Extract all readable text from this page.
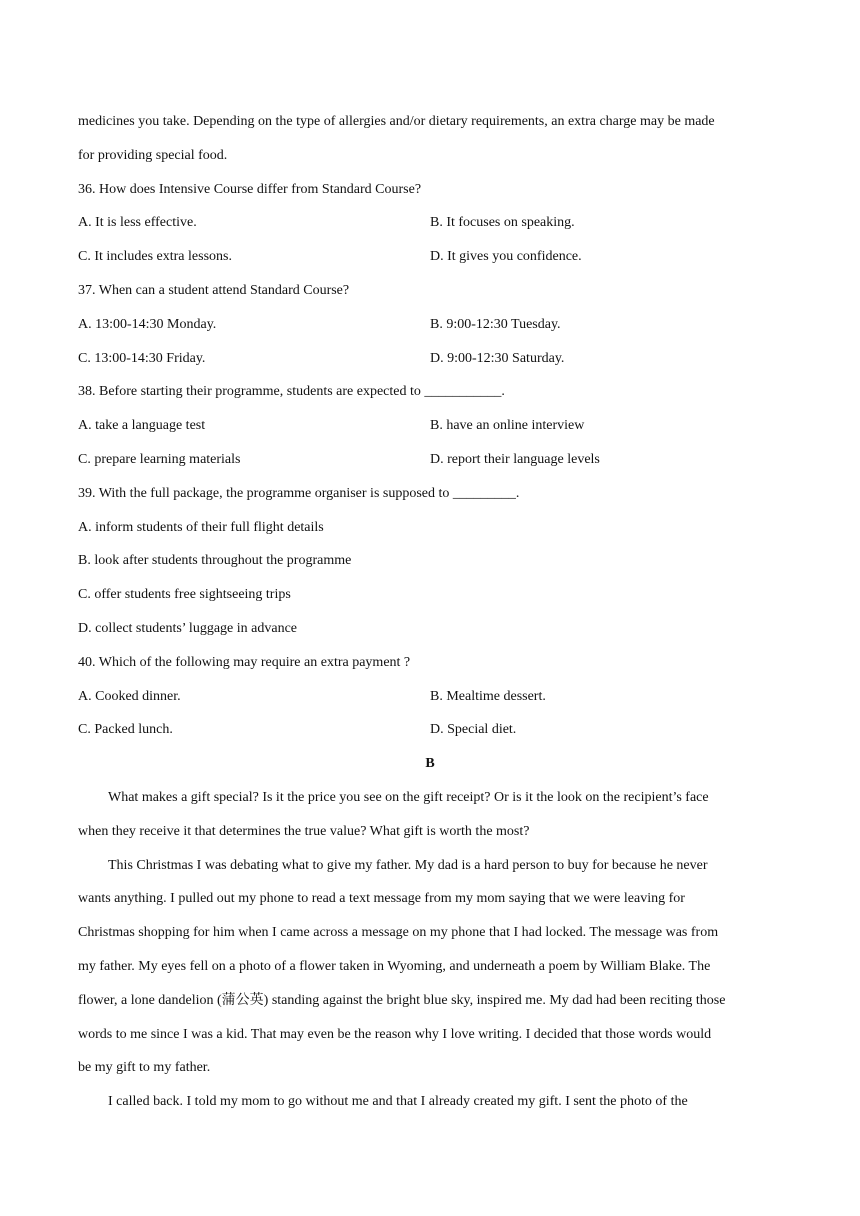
medicines you take. Depending on the type of allergies and/or dietary requirements, an extra charge may be made
for providing special food.
36. How does Intensive Course differ from Standard Course?
A. It is less effective.	B. It focuses on speaking.
C. It includes extra lessons.	D. It gives you confidence.
37. When can a student attend Standard Course?
A. 13:00-14:30 Monday.	B. 9:00-12:30 Tuesday.
C. 13:00-14:30 Friday.	D. 9:00-12:30 Saturday.
38. Before starting their programme, students are expected to ___________.
A. take a language test	B. have an online interview
C. prepare learning materials	D. report their language levels
39. With the full package, the programme organiser is supposed to _________.
A. inform students of their full flight details
B. look after students throughout the programme
C. offer students free sightseeing trips
D. collect students’ luggage in advance
40. Which of the following may require an extra payment ?
A. Cooked dinner.	B. Mealtime dessert.
C. Packed lunch.	D. Special diet.
B
What makes a gift special? Is it the price you see on the gift receipt? Or is it the look on the recipient’s face
when they receive it that determines the true value? What gift is worth the most?
This Christmas I was debating what to give my father. My dad is a hard person to buy for because he never
wants anything. I pulled out my phone to read a text message from my mom saying that we were leaving for
Christmas shopping for him when I came across a message on my phone that I had locked. The message was from
my father. My eyes fell on a photo of a flower taken in Wyoming, and underneath a poem by William Blake. The
flower, a lone dandelion (蒲公英) standing against the bright blue sky, inspired me. My dad had been reciting those
words to me since I was a kid. That may even be the reason why I love writing. I decided that those words would
be my gift to my father.
I called back. I told my mom to go without me and that I already created my gift. I sent the photo of the
